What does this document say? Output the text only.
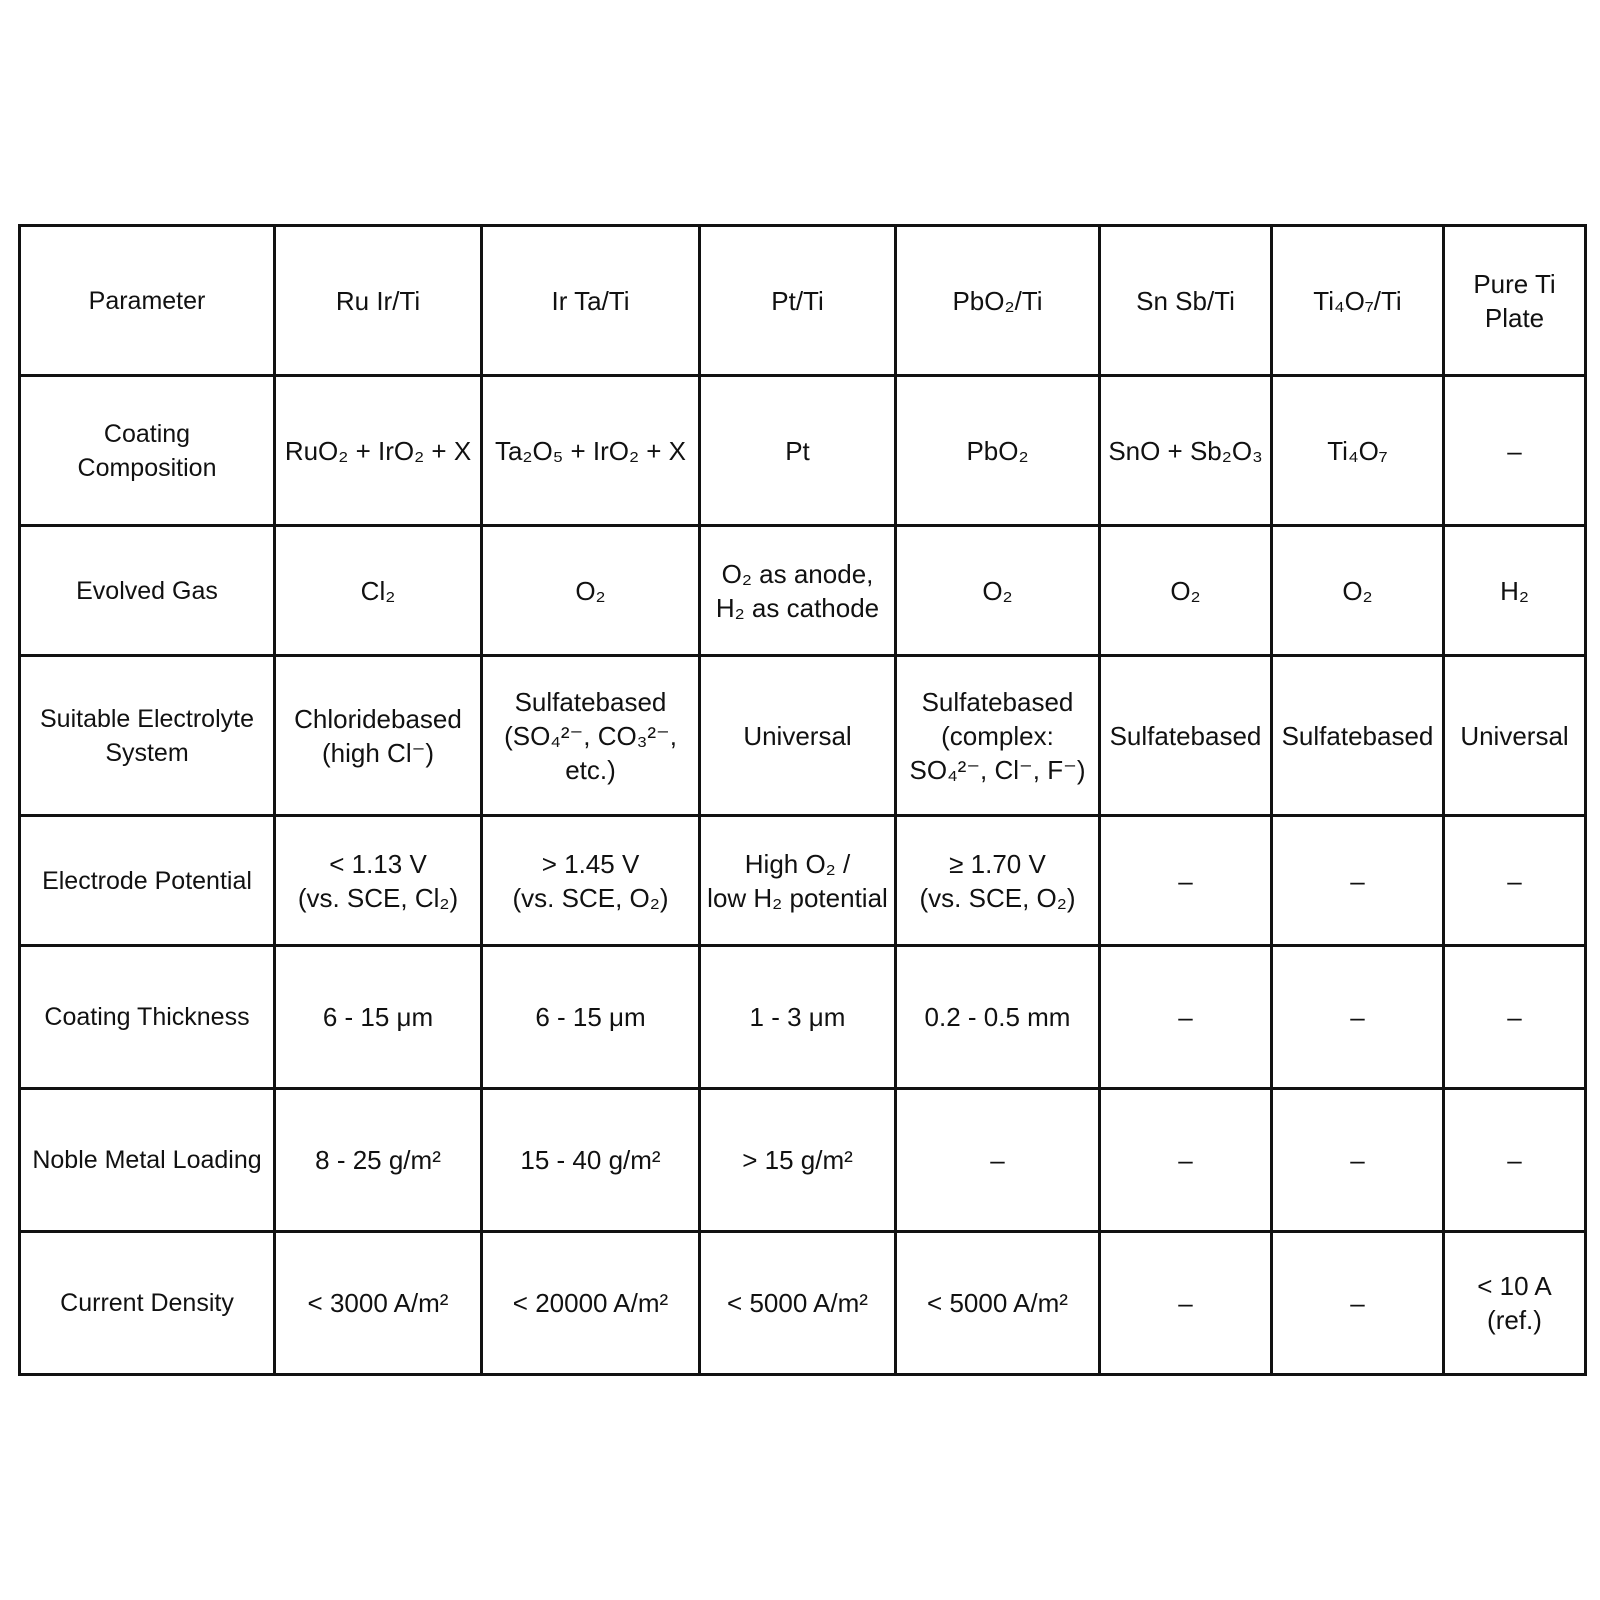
Parameter	Ru Ir/Ti	Ir Ta/Ti	Pt/Ti	PbO₂/Ti	Sn Sb/Ti	Ti₄O₇/Ti	Pure Ti
Plate
Coating
Composition	RuO₂ + IrO₂ + X	Ta₂O₅ + IrO₂ + X	Pt	PbO₂	SnO + Sb₂O₃	Ti₄O₇	–
Evolved Gas	Cl₂	O₂	O₂ as anode,
H₂ as cathode	O₂	O₂	O₂	H₂
Suitable Electrolyte
System	Chloridebased
(high Cl⁻)	Sulfatebased
(SO₄²⁻, CO₃²⁻,
etc.)	Universal	Sulfatebased
(complex:
SO₄²⁻, Cl⁻, F⁻)	Sulfatebased	Sulfatebased	Universal
Electrode Potential	< 1.13 V
(vs. SCE, Cl₂)	> 1.45 V
(vs. SCE, O₂)	High O₂ /
low H₂ potential	≥ 1.70 V
(vs. SCE, O₂)	–	–	–
Coating Thickness	6 - 15 μm	6 - 15 μm	1 - 3 μm	0.2 - 0.5 mm	–	–	–
Noble Metal Loading	8 - 25 g/m²	15 - 40 g/m²	> 15 g/m²	–	–	–	–
Current Density	< 3000 A/m²	< 20000 A/m²	< 5000 A/m²	< 5000 A/m²	–	–	< 10 A
(ref.)
